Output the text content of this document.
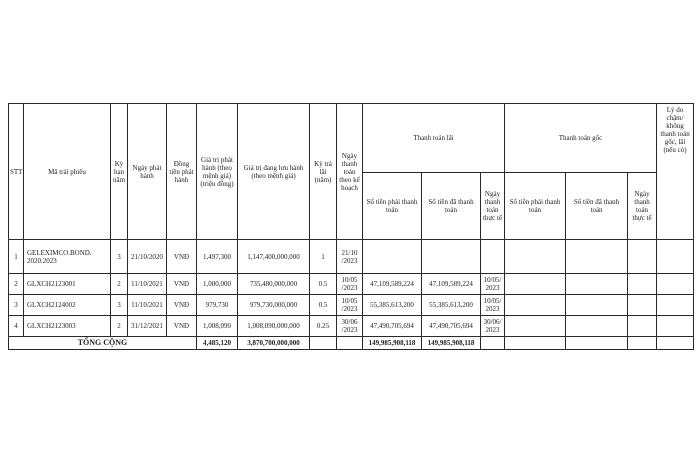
STT	Mã trái phiếu	Kỳ hạn năm	Ngày phát hành	Đồng tiền phát hành	Giá trị phát hành (theo mệnh giá) (triệu đồng)	Giá trị đang lưu hành (theo mệnh giá)	Kỳ trả lãi (năm)	Ngày thanh toán theo kế hoạch	Thanh toán lãi			Thanh toán gốc			Lý do chậm/ không thanh toán gốc, lãi (nếu có)
									Số tiền phải thanh toán	Số tiền đã thanh toán	Ngày thanh toán thực tế	Số tiền phải thanh toán	Số tiền đã thanh toán	Ngày thanh toán thực tế	
1	GELEXIMCO.BOND. 2020.2023	3	21/10/2020	VNĐ	1,497,300	1,147,400,000,000	1	21/10 /2023							
2	GLXCH2123001	2	11/10/2021	VNĐ	1,000,000	735,480,000,000	0.5	10/05 /2023	47,109,589,224	47,109,589,224	10/05/ 2023				
3	GLXCH2124002	3	11/10/2021	VNĐ	979,730	979,730,000,000	0.5	10/05 /2023	55,385,613,200	55,385,613,200	10/05/ 2023				
4	GLXCH2123003	2	31/12/2021	VNĐ	1,008,090	1,008,090,000,000	0.25	30/06 /2023	47,490,705,694	47,490,705,694	30/06/ 2023				
TỔNG CỘNG					4,485,120	3,870,700,000,000			149,985,908,118	149,985,908,118					
